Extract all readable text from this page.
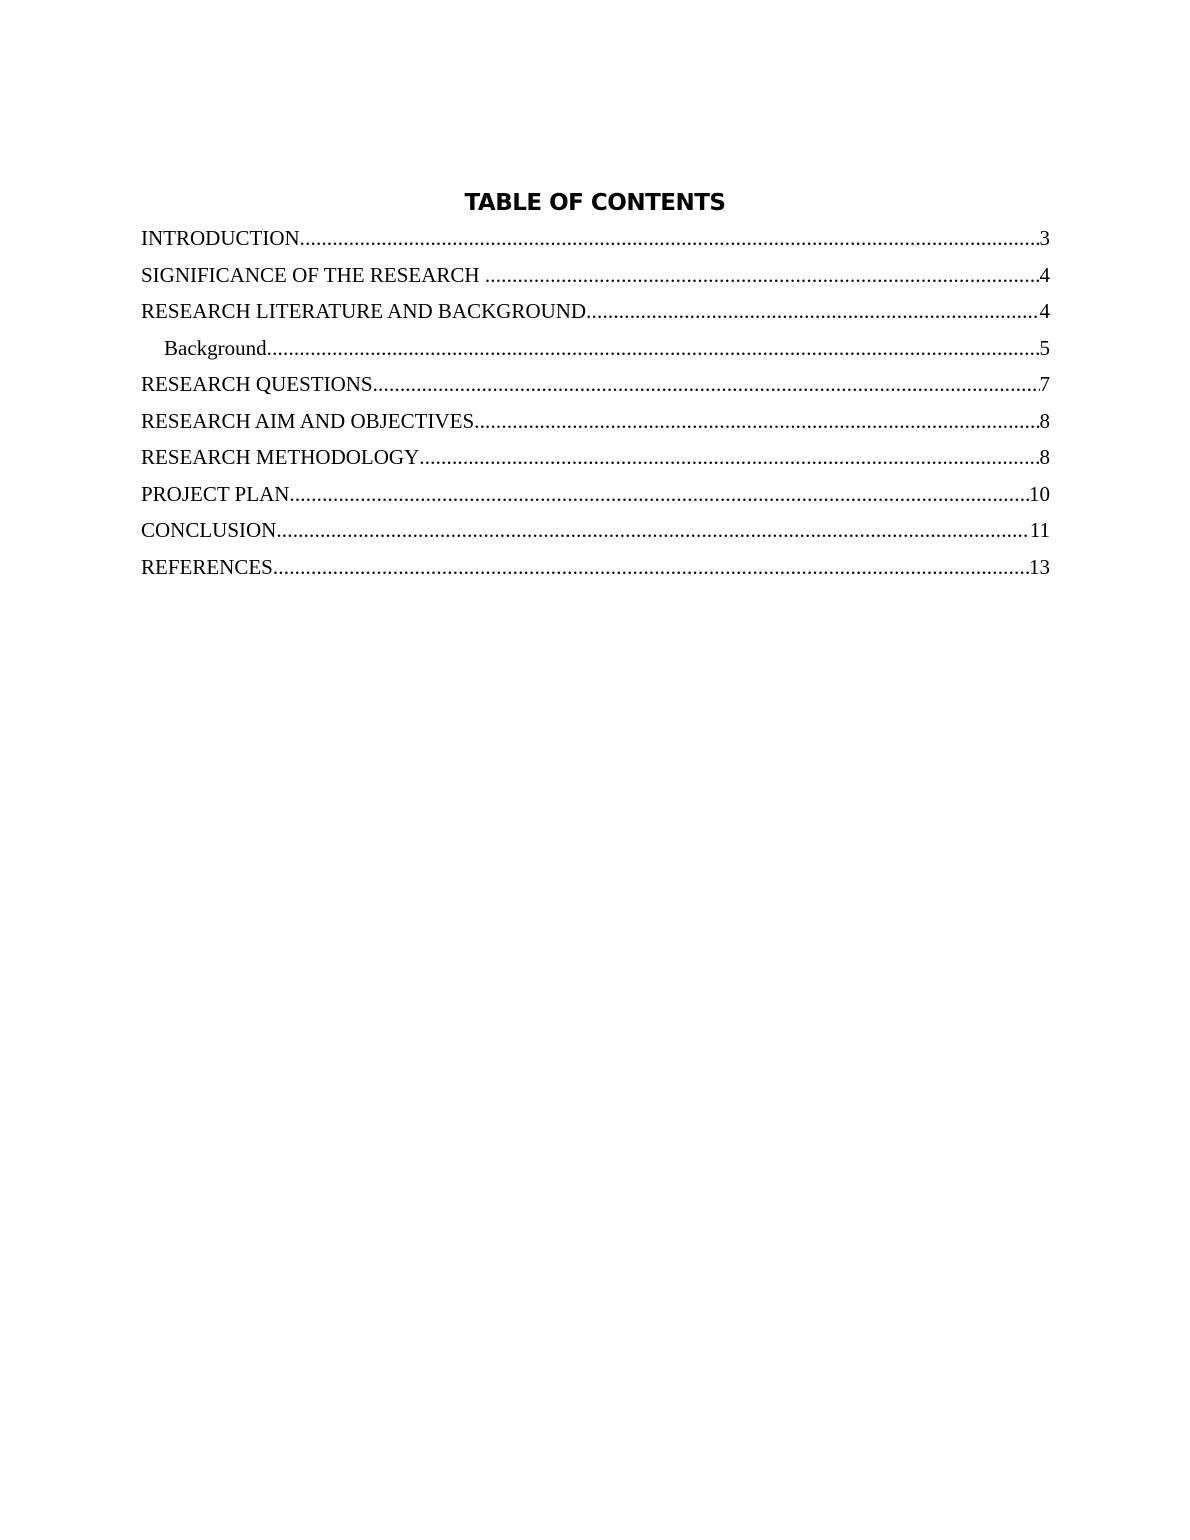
TABLE OF CONTENTS
INTRODUCTION .....	3
SIGNIFICANCE OF THE RESEARCH .....	4
RESEARCH LITERATURE AND BACKGROUND .....	4
Background .....	5
RESEARCH QUESTIONS .....	7
RESEARCH AIM AND OBJECTIVES .....	8
RESEARCH METHODOLOGY .....	8
PROJECT PLAN .....	10
CONCLUSION .....	11
REFERENCES .....	13
